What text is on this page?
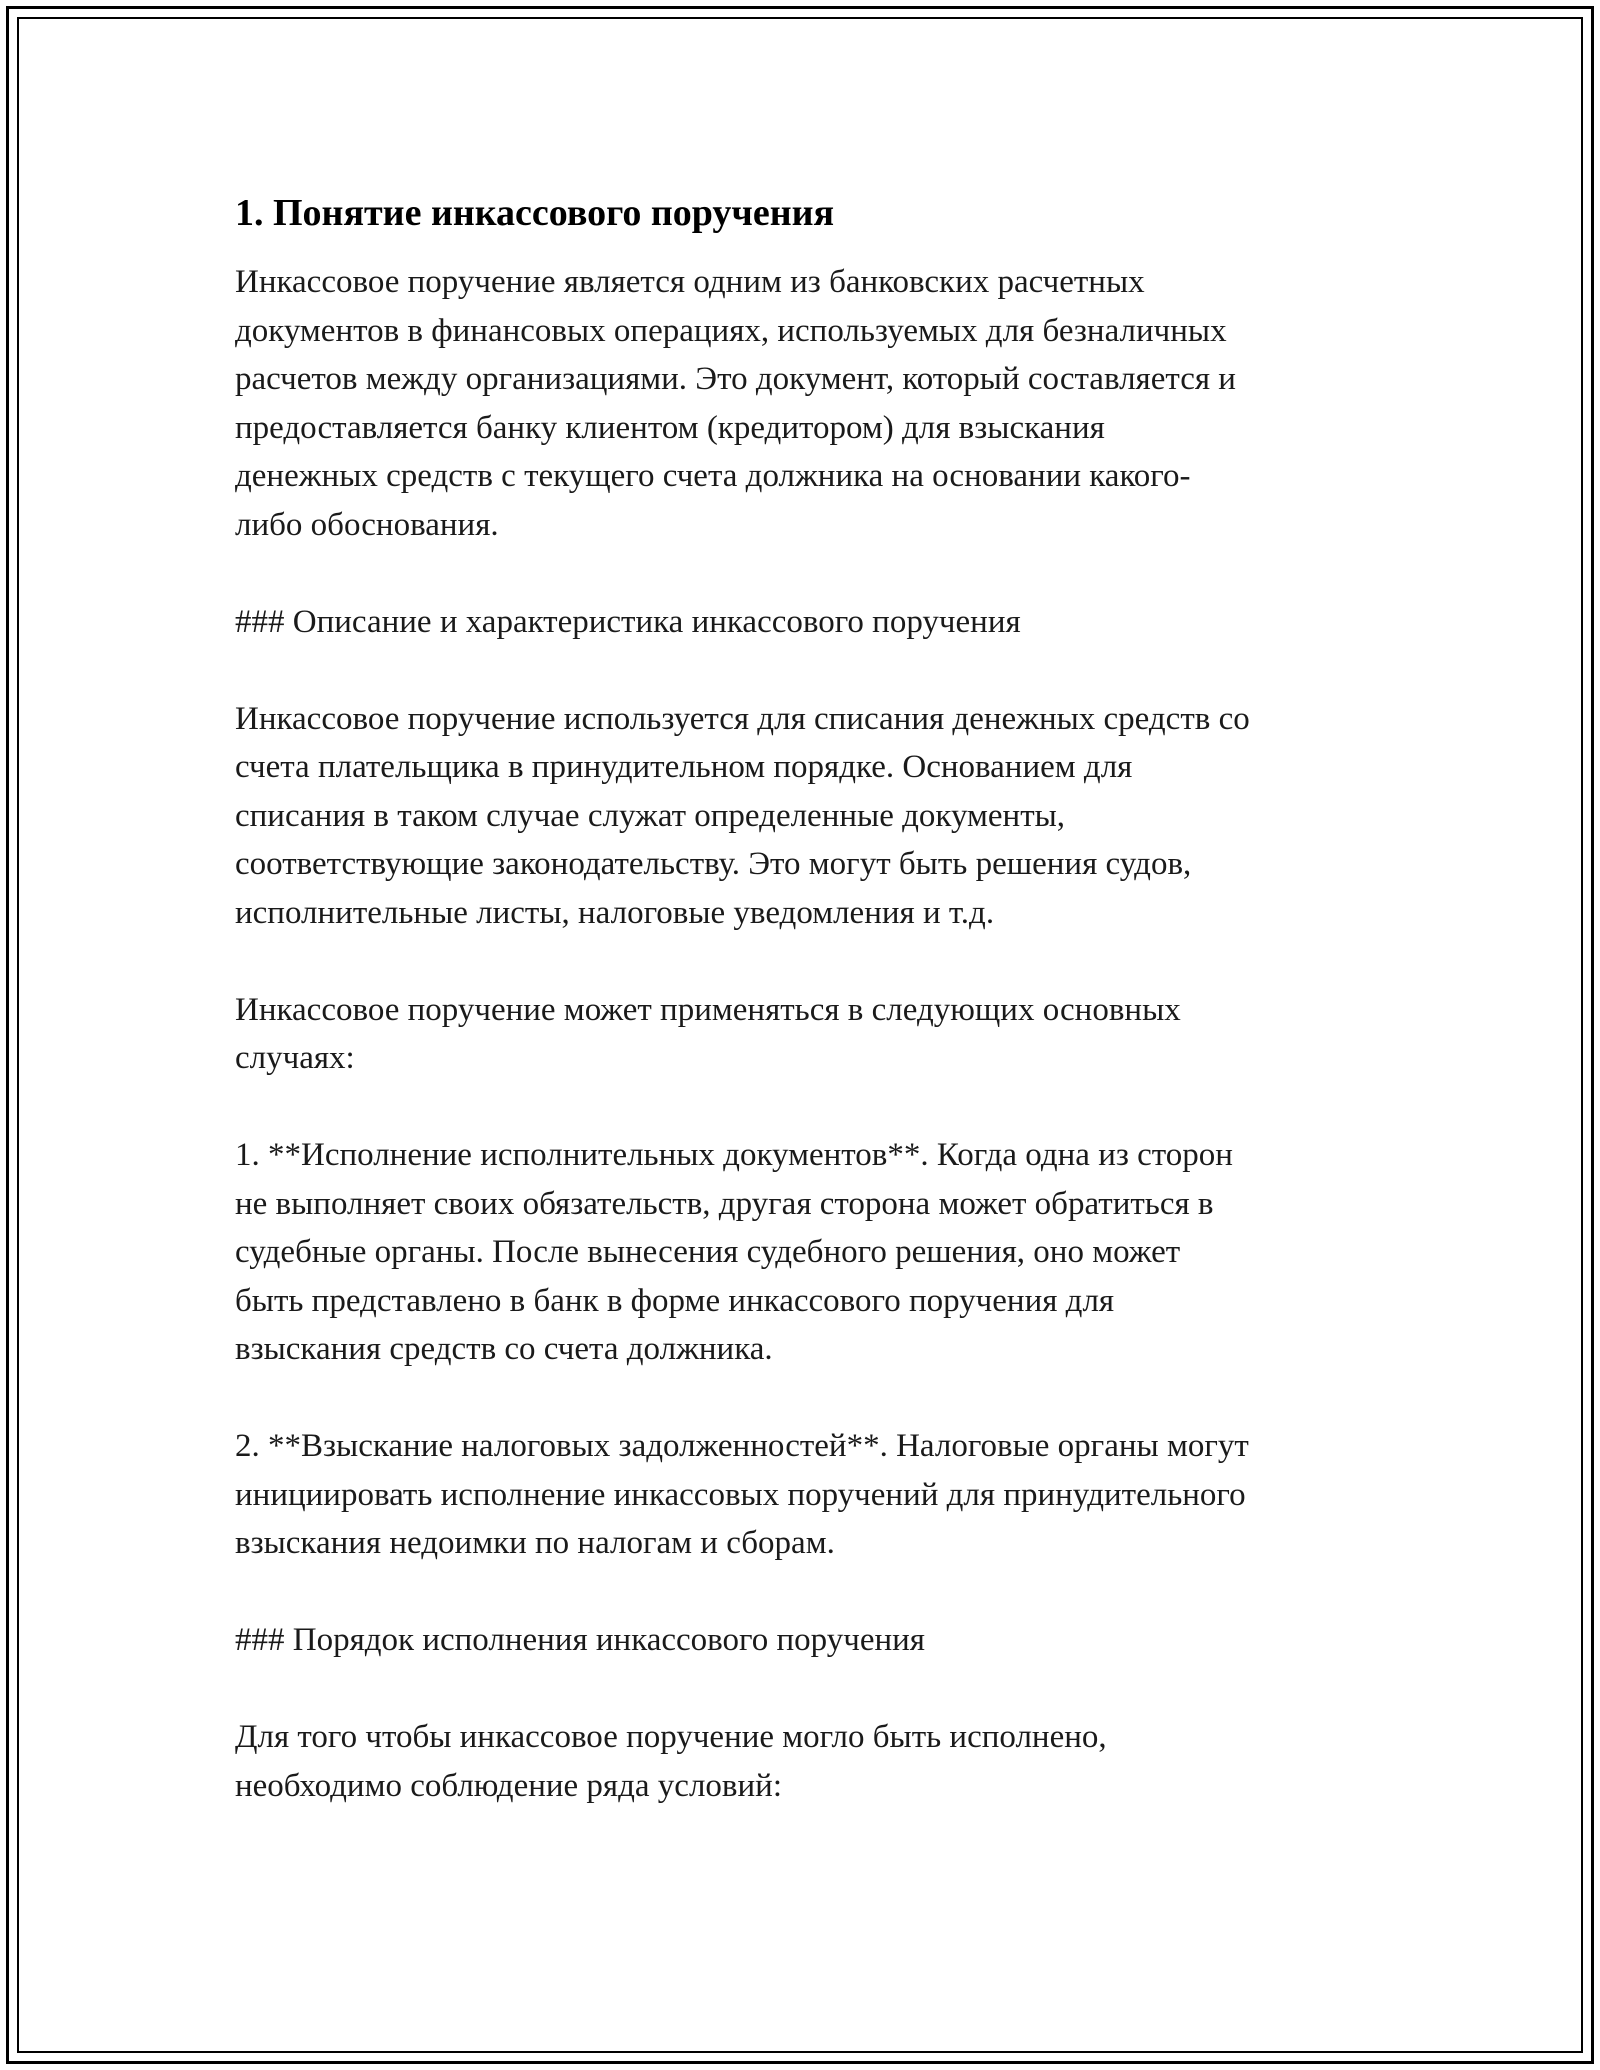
1. Понятие инкассового поручения

Инкассовое поручение является одним из банковских расчетных
документов в финансовых операциях, используемых для безналичных
расчетов между организациями. Это документ, который составляется и
предоставляется банку клиентом (кредитором) для взыскания
денежных средств с текущего счета должника на основании какого-
либо обоснования.

### Описание и характеристика инкассового поручения

Инкассовое поручение используется для списания денежных средств со
счета плательщика в принудительном порядке. Основанием для
списания в таком случае служат определенные документы,
соответствующие законодательству. Это могут быть решения судов,
исполнительные листы, налоговые уведомления и т.д.

Инкассовое поручение может применяться в следующих основных
случаях:

1. **Исполнение исполнительных документов**. Когда одна из сторон
не выполняет своих обязательств, другая сторона может обратиться в
судебные органы. После вынесения судебного решения, оно может
быть представлено в банк в форме инкассового поручения для
взыскания средств со счета должника.

2. **Взыскание налоговых задолженностей**. Налоговые органы могут
инициировать исполнение инкассовых поручений для принудительного
взыскания недоимки по налогам и сборам.

### Порядок исполнения инкассового поручения

Для того чтобы инкассовое поручение могло быть исполнено,
необходимо соблюдение ряда условий:
